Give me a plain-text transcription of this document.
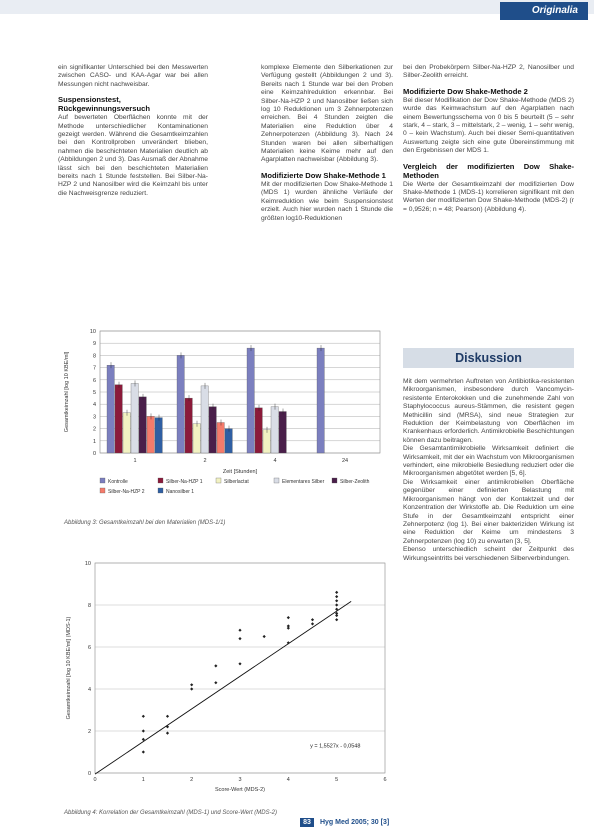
Originalia

ein signifikanter Unterschied bei den Messwerten zwischen CASO- und KAA-Agar war bei allen Messungen nicht nachweisbar.

Suspensionstest, Rückgewinnungsversuch

Auf bewerteten Oberflächen konnte mit der Methode unterschiedlicher Kontaminationen gezeigt werden. Während die Gesamtkeimzahlen bei den Kontrollproben unverändert blieben, nahmen die beschichteten Materialien deutlich ab (Abbildungen 2 und 3). Das Ausmaß der Abnahme lässt sich bei den beschichteten Materialien bereits nach 1 Stunde feststellen. Bei Silber-Na-HZP 2 und Nanosilber wird die Keimzahl bis unter die Nachweisgrenze reduziert.

komplexe Elemente den Silberkationen zur Verfügung gestellt (Abbildungen 2 und 3). Bereits nach 1 Stunde war bei den Proben eine Keimzahlreduktion erkennbar. Bei Silber-Na-HZP 2 und Nanosilber ließen sich log 10 Reduktionen um 3 Zehnerpotenzen erreichen. Bei 4 Stunden zeigten die Materialien eine Reduktion über 4 Zehnerpotenzen (Abbildung 3). Nach 24 Stunden waren bei allen silberhaltigen Materialien keine Keime mehr auf den Agarplatten nachweisbar (Abbildung 3).

Modifizierte Dow Shake-Methode 1

Mit der modifizierten Dow Shake-Methode 1 (MDS 1) wurden ähnliche Verläufe der Keimreduktion wie beim Suspensionstest erzielt. Auch hier wurden nach 1 Stunde die größten log10-Reduktionen

bei den Probekörpern Silber-Na-HZP 2, Nanosilber und Silber-Zeolith erreicht.

Modifizierte Dow Shake-Methode 2

Bei dieser Modifikation der Dow Shake-Methode (MDS 2) wurde das Keimwachstum auf den Agarplatten nach einem Bewertungsschema von 0 bis 5 beurteilt (5 – sehr stark, 4 – stark, 3 – mittelstark, 2 – wenig, 1 – sehr wenig, 0 – kein Wachstum). Auch bei dieser Semi-quantitativen Auswertung zeigte sich eine gute Übereinstimmung mit den Ergebnissen der MDS 1.

Vergleich der modifizierten Dow Shake-Methoden

Die Werte der Gesamtkeimzahl der modifizierten Dow Shake-Methode 1 (MDS-1) korrelieren signifikant mit den Werten der modifizierten Dow Shake-Methode (MDS-2) (r = 0,9526; n = 48; Pearson) (Abbildung 4).

Diskussion

Mit dem vermehrten Auftreten von Antibiotika-resistenten Mikroorganismen, insbesondere durch Vancomycin-resistente Enterokokken und die zunehmende Zahl von Staphylococcus aureus-Stämmen, die resistent gegen Methicillin sind (MRSA), sind neue Strategien zur Reduktion der Keimbelastung von Oberflächen im Krankenhaus erforderlich. Antimikrobielle Beschichtungen können dazu beitragen.

Die Gesamtantimikrobielle Wirksamkeit definiert die Wirksamkeit, mit der ein Wachstum von Mikroorganismen verhindert, eine mikrobielle Besiedlung reduziert oder die Mikroorganismen abgetötet werden [5, 6].

Die Wirksamkeit einer antimikrobiellen Oberfläche gegenüber einer definierten Belastung mit Mikroorganismen hängt von der Kontaktzeit und der Konzentration der Wirkstoffe ab. Die Reduktion um eine Stufe in der Gesamtkeimzahl entspricht einer Zehnerpotenz (log 1). Bei einer bakteriziden Wirkung ist eine Reduktion der Keime um mindestens 3 Zehnerpotenzen (log 10) zu erwarten [3, 5].

Ebenso unterschiedlich scheint der Zeitpunkt des Wirkungseintritts bei verschiedenen Silberverbindungen.

0
1
2
3
4
5
6
7
8
9
10
Gesamtkeimzahl [log 10 KBE/ml]
1	2	4	24
Zeit [Stunden]
Kontrolle	Silber-Na-HZP 1	Silberlactat	Elementares Silber	Silber-Zeolith
Silber-Na-HZP 2	Nanosilber 1
Abbildung 3: Gesamtkeimzahl bei den Materialien (MDS-1/1)
0
2
4
6
8
10
0	1	2	3	4	5	6
Gesamtkeimzahl [log 10 KBE/ml] (MDS-1)
Score-Wert (MDS-2)
y = 1,5527x - 0,0548
Abbildung 4: Korrelation der Gesamtkeimzahl (MDS-1) und Score-Wert (MDS-2)
83 Hyg Med 2005; 30 [3]
